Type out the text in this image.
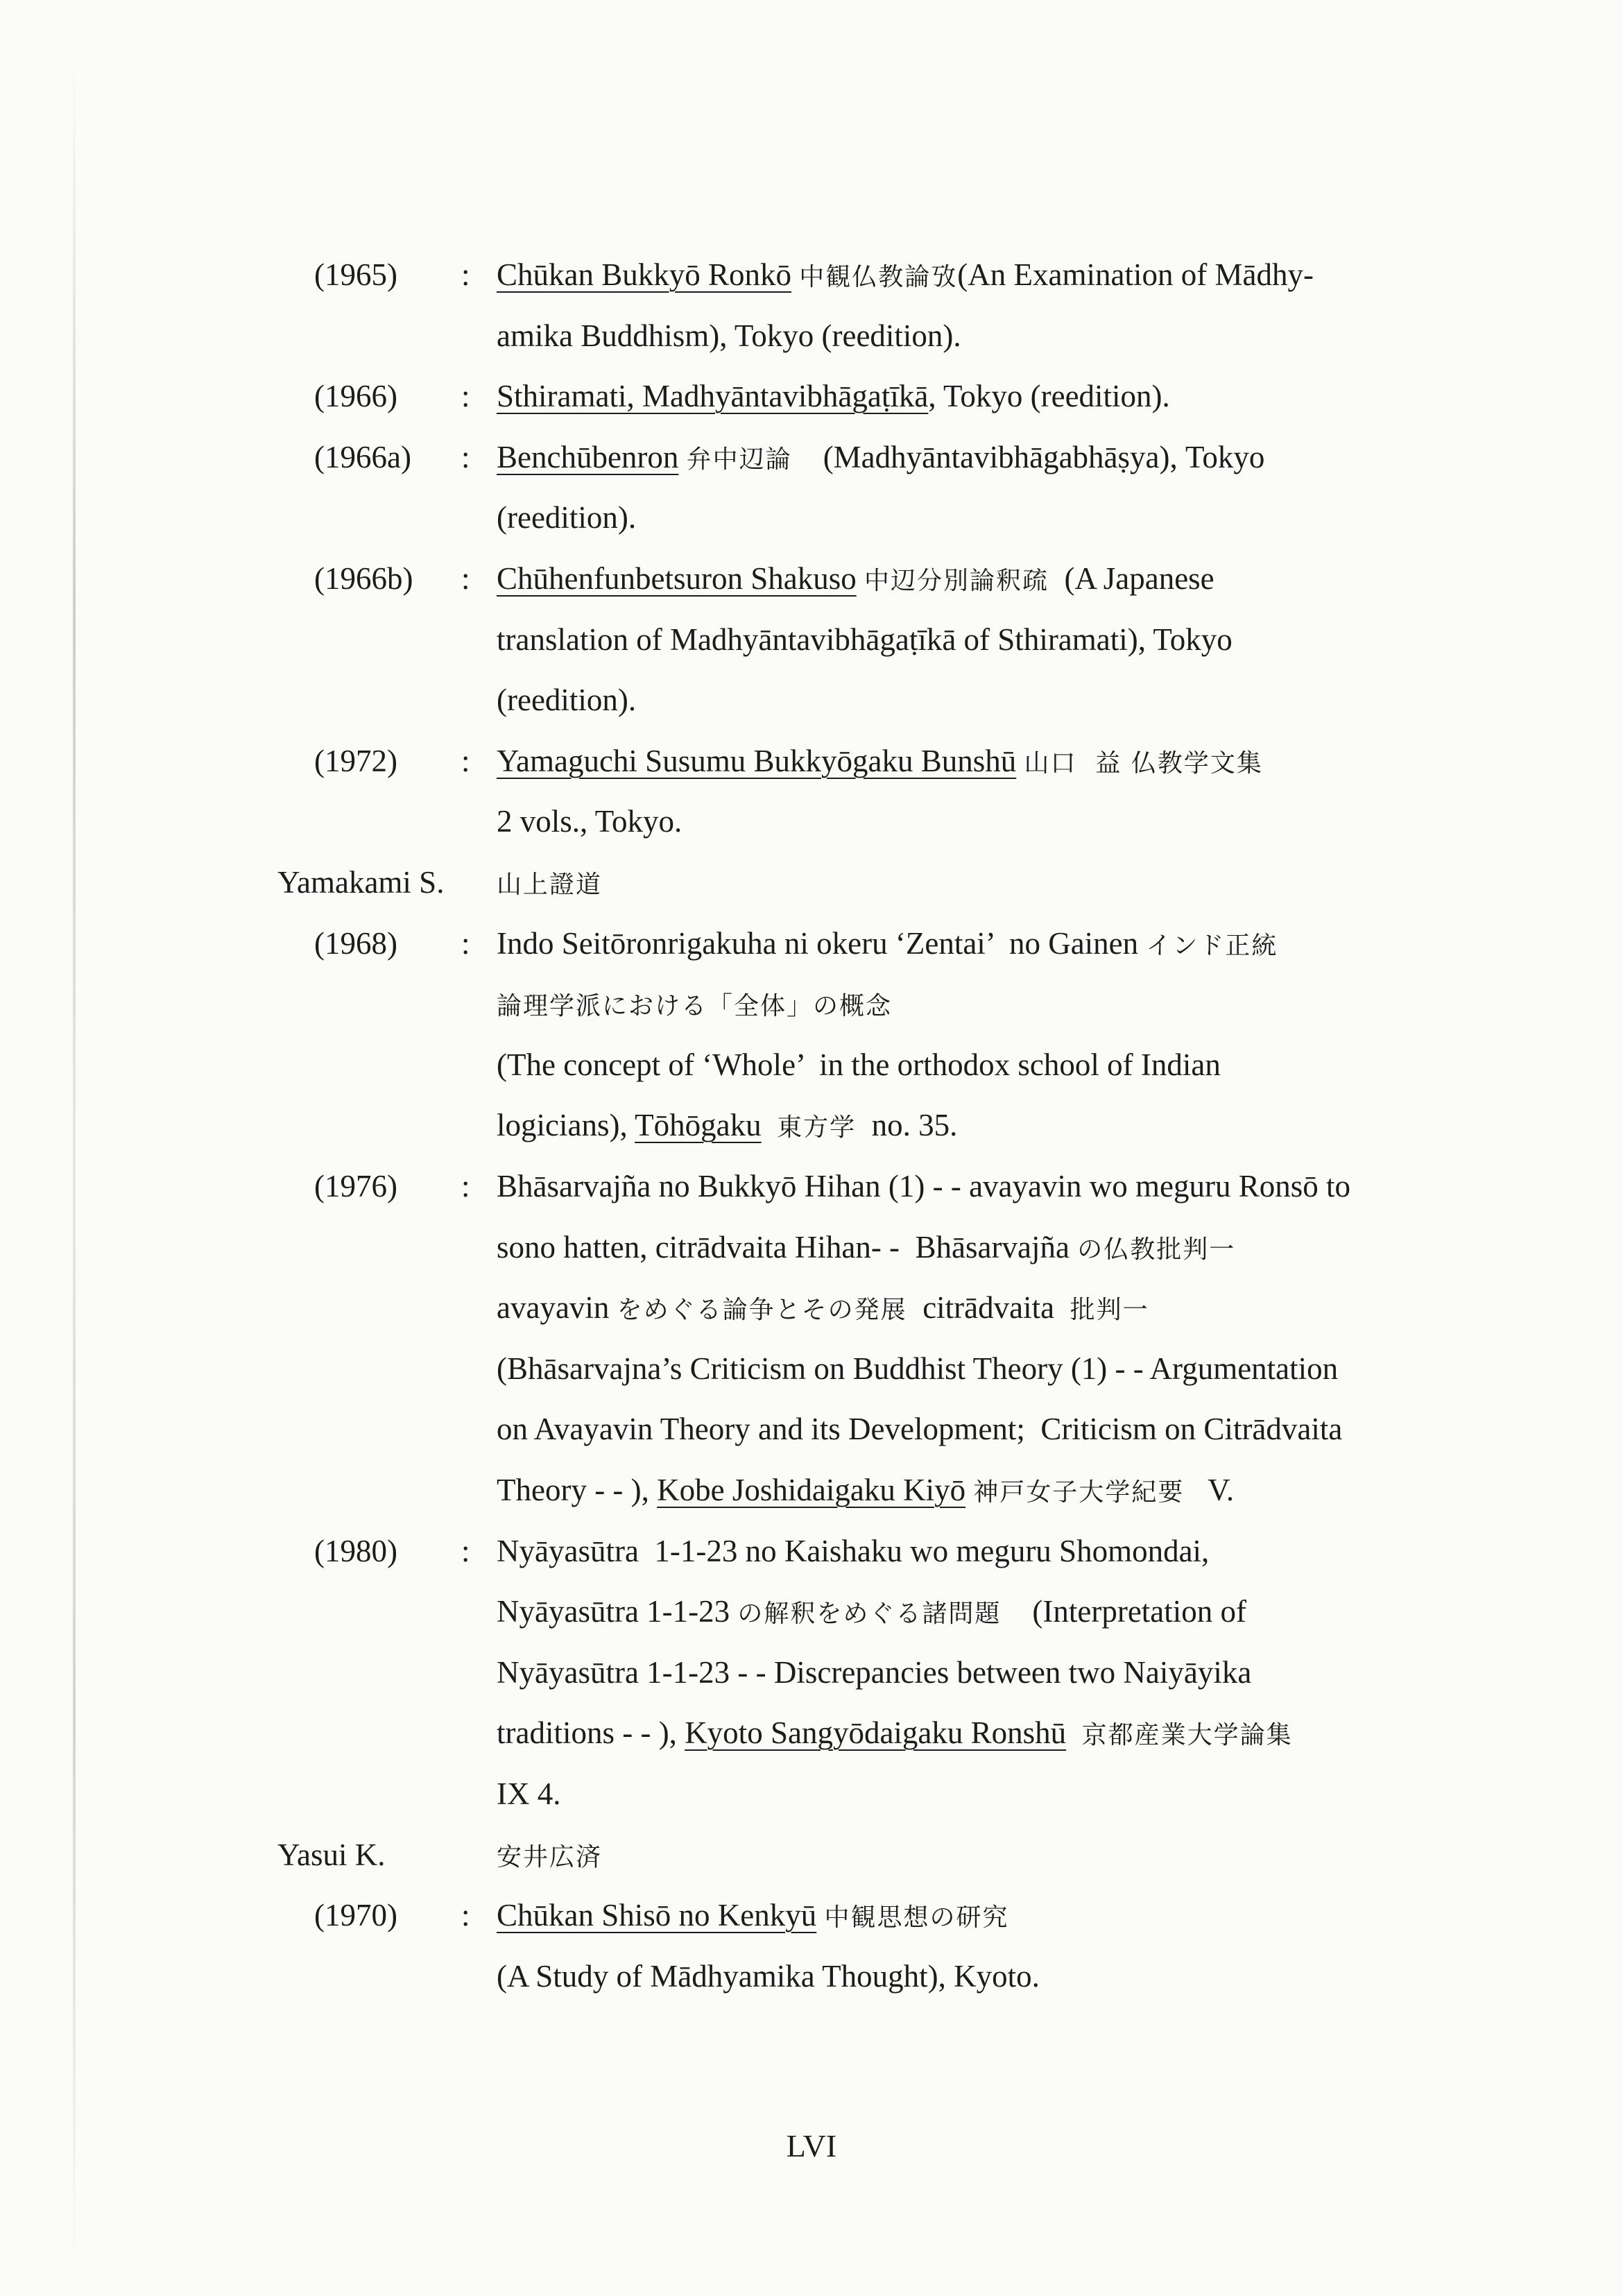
(1965) : Chūkan Bukkyō Ronkō 中観仏教論攷(An Examination of Mādhy-
amika Buddhism), Tokyo (reedition).
(1966) : Sthiramati, Madhyāntavibhāgaṭīkā, Tokyo (reedition).
(1966a) : Benchūbenron 弁中辺論    (Madhyāntavibhāgabhāṣya), Tokyo
(reedition).
(1966b) : Chūhenfunbetsuron Shakuso 中辺分別論釈疏  (A Japanese
translation of Madhyāntavibhāgaṭīkā of Sthiramati), Tokyo
(reedition).
(1972) : Yamaguchi Susumu Bukkyōgaku Bunshū 山口  益 仏教学文集
2 vols., Tokyo.
Yamakami S. 山上證道
(1968) : Indo Seitōronrigakuha ni okeru ‘Zentai’  no Gainen インド正統
論理学派における「全体」の概念
(The concept of ‘Whole’  in the orthodox school of Indian
logicians), Tōhōgaku 東方学  no. 35.
(1976) : Bhāsarvajña no Bukkyō Hihan (1) - - avayavin wo meguru Ronsō to
sono hatten, citrādvaita Hihan- -  Bhāsarvajña の仏教批判一
avayavin をめぐる論争とその発展  citrādvaita  批判一
(Bhāsarvajna’s Criticism on Buddhist Theory (1) - - Argumentation
on Avayavin Theory and its Development;  Criticism on Citrādvaita
Theory - - ), Kobe Joshidaigaku Kiyō 神戸女子大学紀要   V.
(1980) : Nyāyasūtra  1-1-23 no Kaishaku wo meguru Shomondai,
Nyāyasūtra 1-1-23 の解釈をめぐる諸問題    (Interpretation of
Nyāyasūtra 1-1-23 - - Discrepancies between two Naiyāyika
traditions - - ), Kyoto Sangyōdaigaku Ronshū 京都産業大学論集
IX 4.
Yasui K.	安井広済
(1970) : Chūkan Shisō no Kenkyū 中観思想の研究
(A Study of Mādhyamika Thought), Kyoto.
LVI
